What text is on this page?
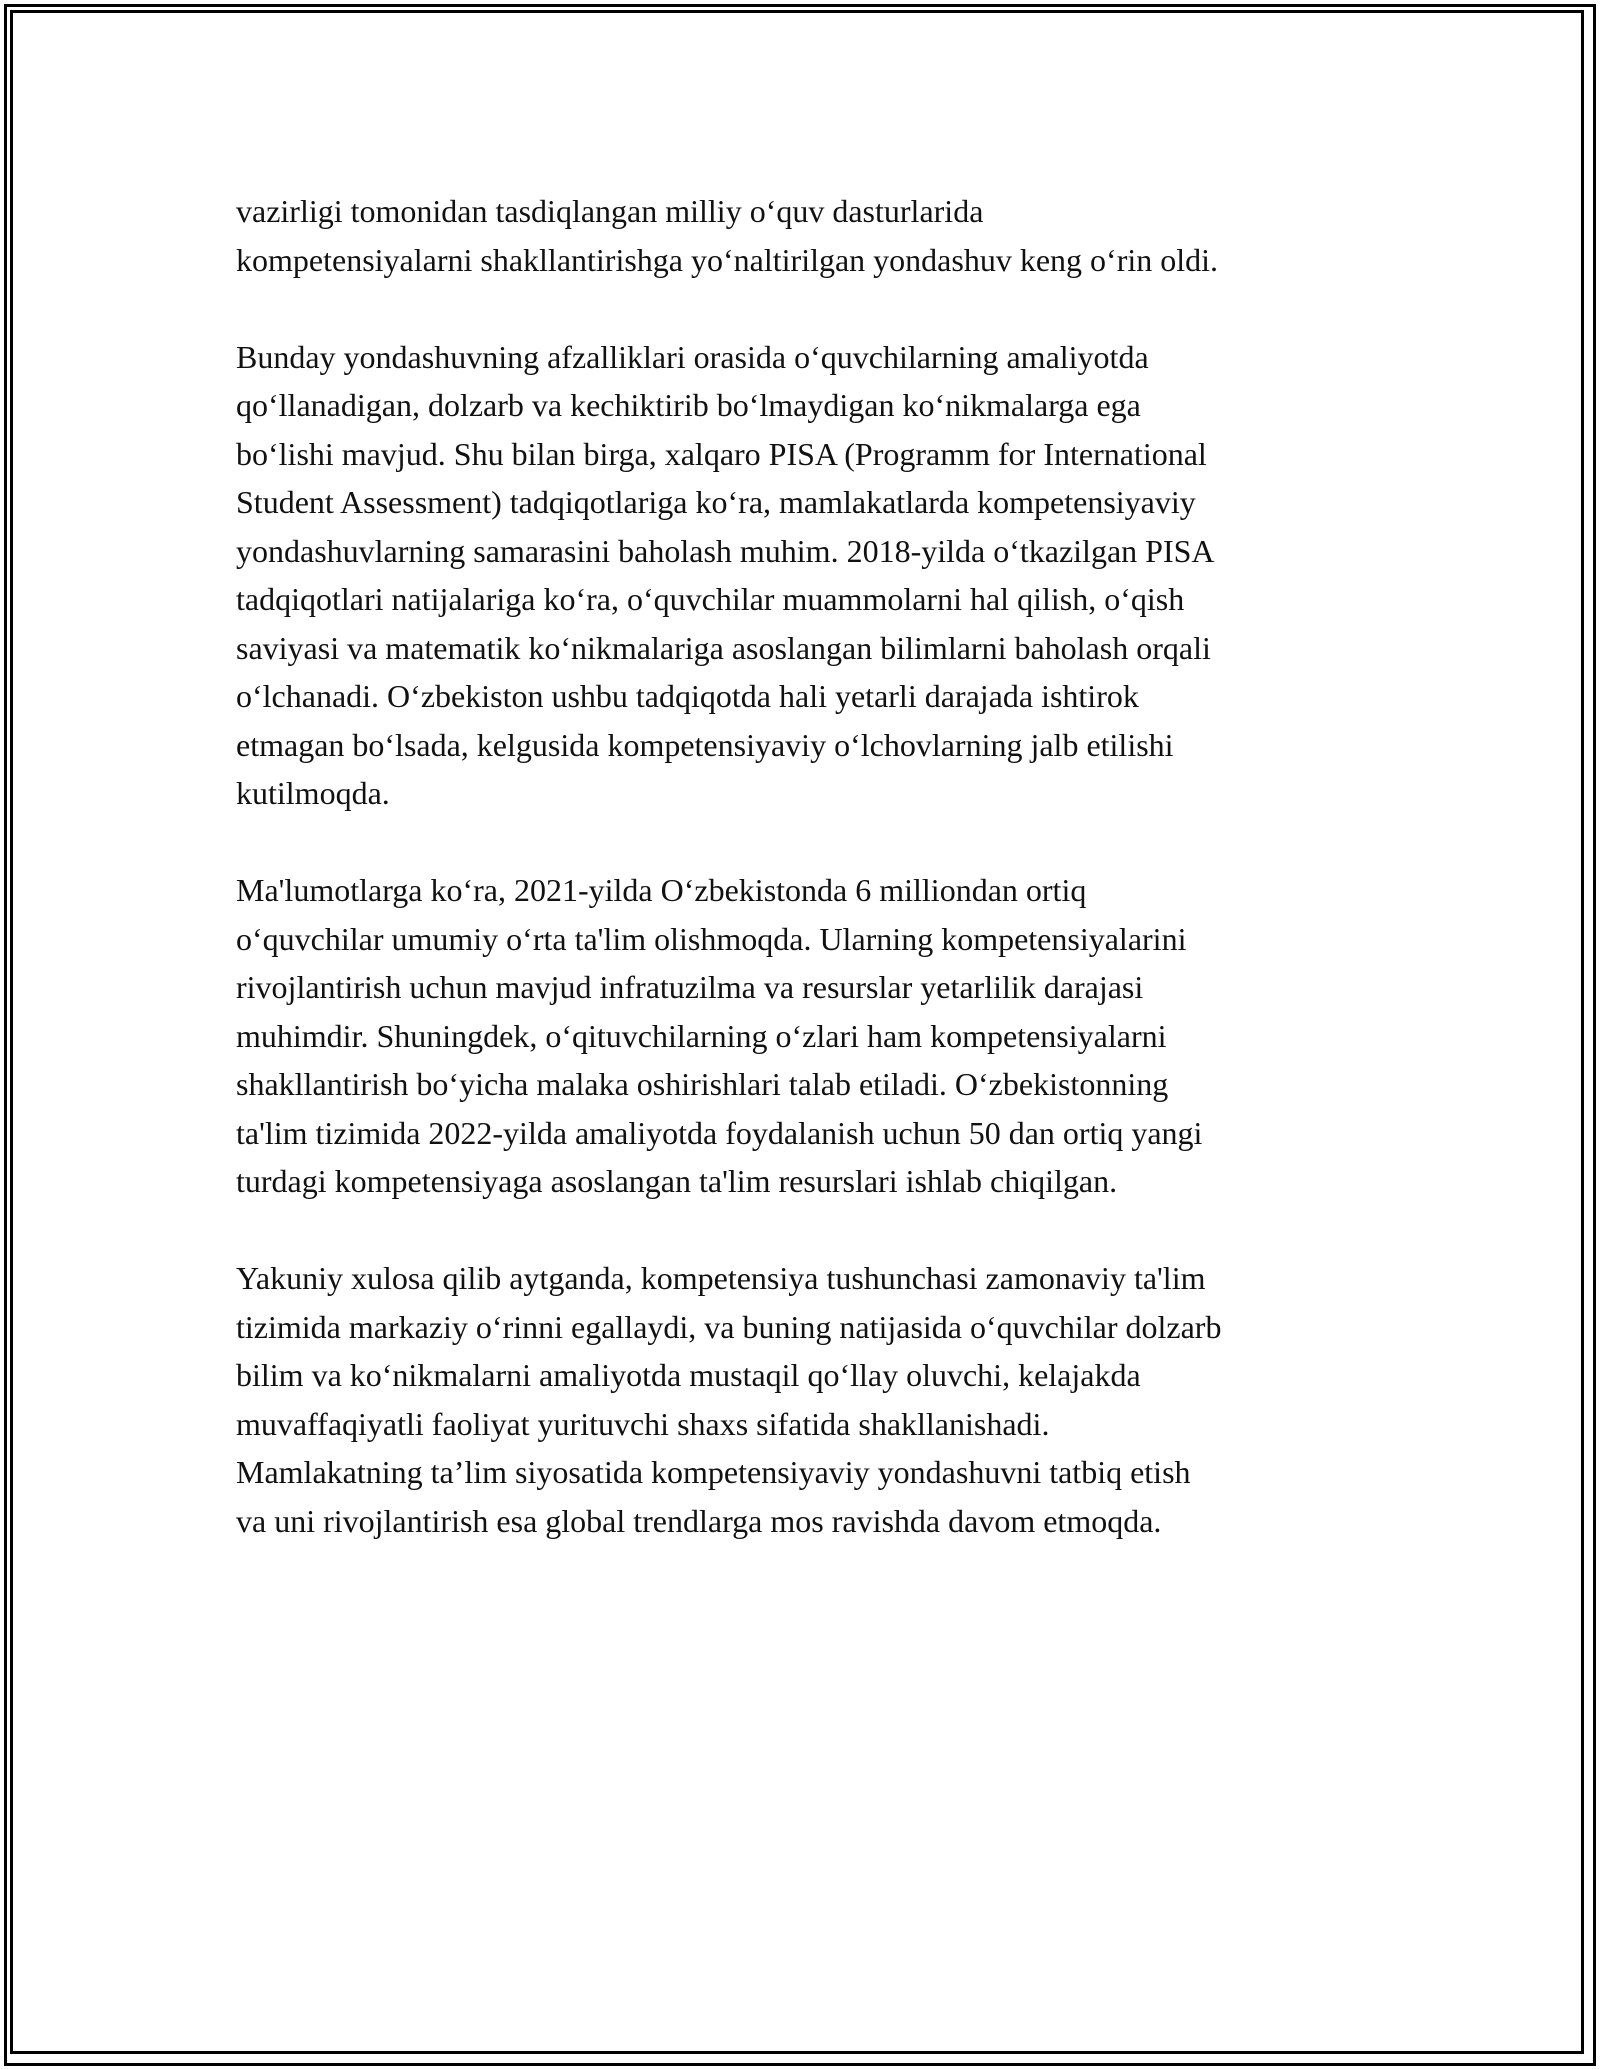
vazirligi tomonidan tasdiqlangan milliy oʻquv dasturlarida
kompetensiyalarni shakllantirishga yoʻnaltirilgan yondashuv keng oʻrin oldi.
Bunday yondashuvning afzalliklari orasida oʻquvchilarning amaliyotda
qoʻllanadigan, dolzarb va kechiktirib boʻlmaydigan koʻnikmalarga ega
boʻlishi mavjud. Shu bilan birga, xalqaro PISA (Programm for International
Student Assessment) tadqiqotlariga koʻra, mamlakatlarda kompetensiyaviy
yondashuvlarning samarasini baholash muhim. 2018-yilda oʻtkazilgan PISA
tadqiqotlari natijalariga koʻra, oʻquvchilar muammolarni hal qilish, oʻqish
saviyasi va matematik koʻnikmalariga asoslangan bilimlarni baholash orqali
oʻlchanadi. Oʻzbekiston ushbu tadqiqotda hali yetarli darajada ishtirok
etmagan boʻlsada, kelgusida kompetensiyaviy oʻlchovlarning jalb etilishi
kutilmoqda.
Ma'lumotlarga koʻra, 2021-yilda Oʻzbekistonda 6 milliondan ortiq
oʻquvchilar umumiy oʻrta ta'lim olishmoqda. Ularning kompetensiyalarini
rivojlantirish uchun mavjud infratuzilma va resurslar yetarlilik darajasi
muhimdir. Shuningdek, oʻqituvchilarning oʻzlari ham kompetensiyalarni
shakllantirish boʻyicha malaka oshirishlari talab etiladi. Oʻzbekistonning
ta'lim tizimida 2022-yilda amaliyotda foydalanish uchun 50 dan ortiq yangi
turdagi kompetensiyaga asoslangan ta'lim resurslari ishlab chiqilgan.
Yakuniy xulosa qilib aytganda, kompetensiya tushunchasi zamonaviy ta'lim
tizimida markaziy oʻrinni egallaydi, va buning natijasida oʻquvchilar dolzarb
bilim va koʻnikmalarni amaliyotda mustaqil qoʻllay oluvchi, kelajakda
muvaffaqiyatli faoliyat yurituvchi shaxs sifatida shakllanishadi.
Mamlakatning ta’lim siyosatida kompetensiyaviy yondashuvni tatbiq etish
va uni rivojlantirish esa global trendlarga mos ravishda davom etmoqda.
